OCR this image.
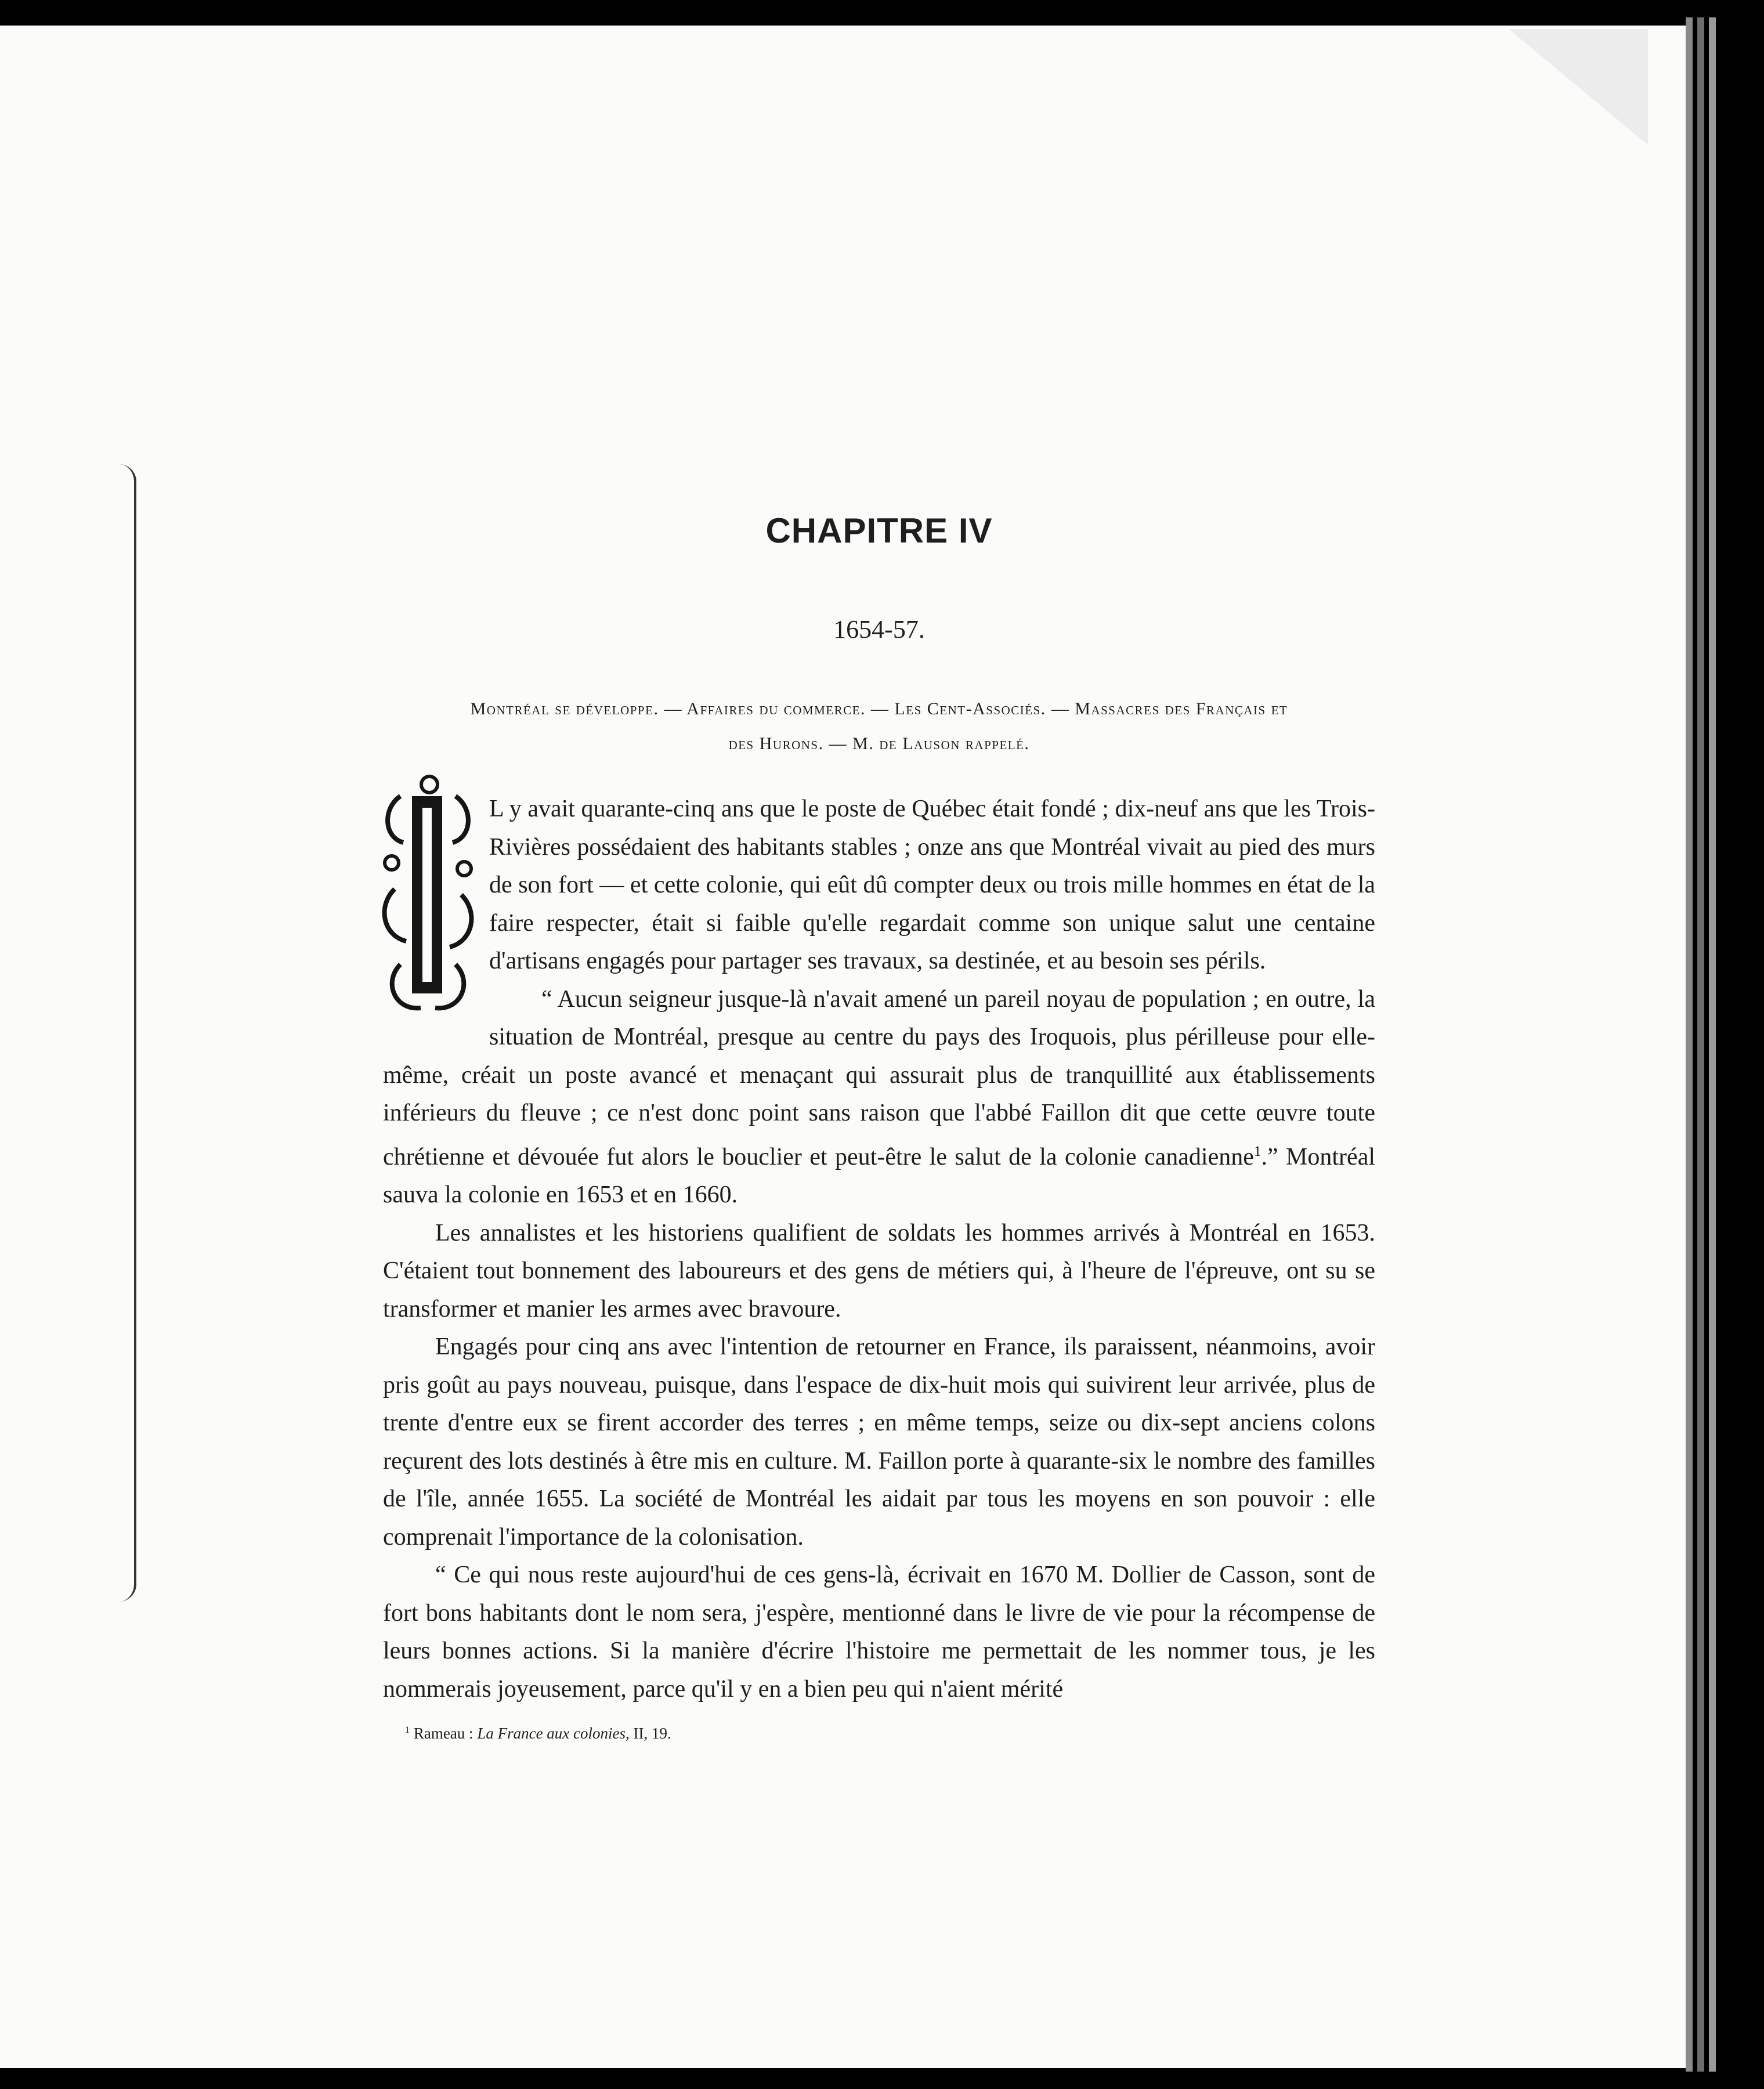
CHAPITRE IV
1654-57.
Montréal se développe. — Affaires du commerce. — Les Cent-Associés. — Massacres des Français et
des Hurons. — M. de Lauson rappelé.

L y avait quarante-cinq ans que le poste de Québec était fondé ; dix-neuf ans que les Trois-Rivières possédaient des habitants stables ; onze ans que Montréal vivait au pied des murs de son fort — et cette colonie, qui eût dû compter deux ou trois mille hommes en état de la faire respecter, était si faible qu'elle regardait comme son unique salut une centaine d'artisans engagés pour partager ses travaux, sa destinée, et au besoin ses périls.

“ Aucun seigneur jusque-là n'avait amené un pareil noyau de population ; en outre, la situation de Montréal, presque au centre du pays des Iroquois, plus périlleuse pour elle-même, créait un poste avancé et menaçant qui assurait plus de tranquillité aux établissements inférieurs du fleuve ; ce n'est donc point sans raison que l'abbé Faillon dit que cette œuvre toute chrétienne et dévouée fut alors le bouclier et peut-être le salut de la colonie canadienne$^1$.” Montréal sauva la colonie en 1653 et en 1660.

Les annalistes et les historiens qualifient de soldats les hommes arrivés à Montréal en 1653. C'étaient tout bonnement des laboureurs et des gens de métiers qui, à l'heure de l'épreuve, ont su se transformer et manier les armes avec bravoure.

Engagés pour cinq ans avec l'intention de retourner en France, ils paraissent, néanmoins, avoir pris goût au pays nouveau, puisque, dans l'espace de dix-huit mois qui suivirent leur arrivée, plus de trente d'entre eux se firent accorder des terres ; en même temps, seize ou dix-sept anciens colons reçurent des lots destinés à être mis en culture. M. Faillon porte à quarante-six le nombre des familles de l'île, année 1655. La société de Montréal les aidait par tous les moyens en son pouvoir : elle comprenait l'importance de la colonisation.

“ Ce qui nous reste aujourd'hui de ces gens-là, écrivait en 1670 M. Dollier de Casson, sont de fort bons habitants dont le nom sera, j'espère, mentionné dans le livre de vie pour la récompense de leurs bonnes actions. Si la manière d'écrire l'histoire me permettait de les nommer tous, je les nommerais joyeusement, parce qu'il y en a bien peu qui n'aient mérité

$^1$ Rameau : La France aux colonies, II, 19.
